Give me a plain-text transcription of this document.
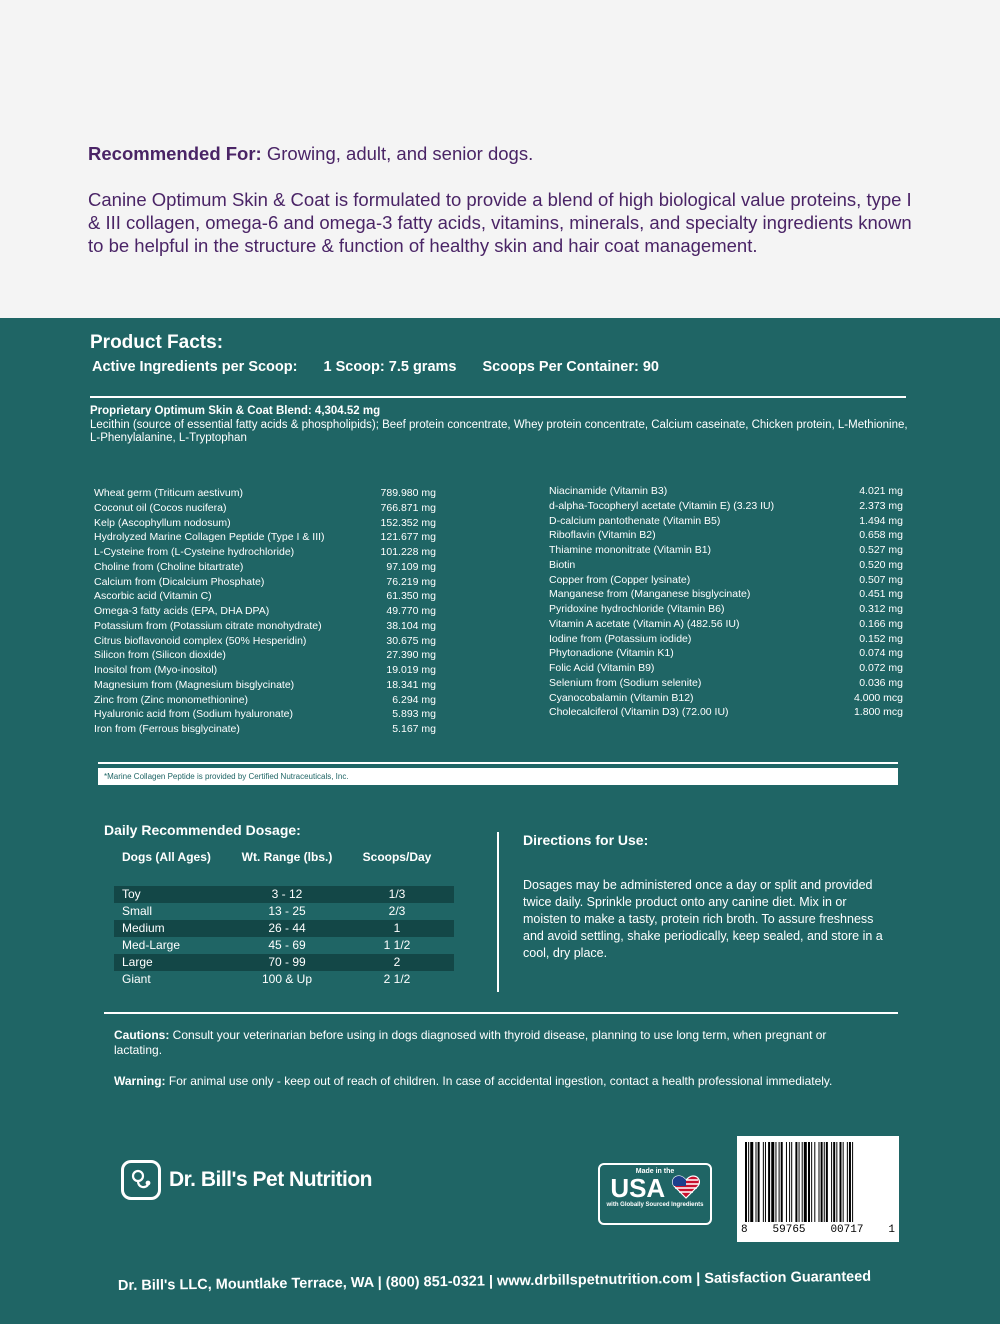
Recommended For: Growing, adult, and senior dogs.
Canine Optimum Skin & Coat is formulated to provide a blend of high biological value proteins, type I & III collagen, omega-6 and omega-3 fatty acids, vitamins, minerals, and specialty ingredients known to be helpful in the structure & function of healthy skin and hair coat management.
Product Facts:
Active Ingredients per Scoop: 1 Scoop: 7.5 grams Scoops Per Container: 90
Proprietary Optimum Skin & Coat Blend: 4,304.52 mg
Lecithin (source of essential fatty acids & phospholipids); Beef protein concentrate, Whey protein concentrate, Calcium caseinate, Chicken protein, L-Methionine, L-Phenylalanine, L-Tryptophan
Wheat germ (Triticum aestivum)	789.980 mg
Coconut oil (Cocos nucifera)	766.871 mg
Kelp (Ascophyllum nodosum)	152.352 mg
Hydrolyzed Marine Collagen Peptide (Type I & III)	121.677 mg
L-Cysteine from (L-Cysteine hydrochloride)	101.228 mg
Choline from (Choline bitartrate)	97.109 mg
Calcium from (Dicalcium Phosphate)	76.219 mg
Ascorbic acid (Vitamin C)	61.350 mg
Omega-3 fatty acids (EPA, DHA DPA)	49.770 mg
Potassium from (Potassium citrate monohydrate)	38.104 mg
Citrus bioflavonoid complex (50% Hesperidin)	30.675 mg
Silicon from (Silicon dioxide)	27.390 mg
Inositol from (Myo-inositol)	19.019 mg
Magnesium from (Magnesium bisglycinate)	18.341 mg
Zinc from (Zinc monomethionine)	6.294 mg
Hyaluronic acid from (Sodium hyaluronate)	5.893 mg
Iron from (Ferrous bisglycinate)	5.167 mg
Niacinamide (Vitamin B3)	4.021 mg
d-alpha-Tocopheryl acetate (Vitamin E) (3.23 IU)	2.373 mg
D-calcium pantothenate (Vitamin B5)	1.494 mg
Riboflavin (Vitamin B2)	0.658 mg
Thiamine mononitrate (Vitamin B1)	0.527 mg
Biotin	0.520 mg
Copper from (Copper lysinate)	0.507 mg
Manganese from (Manganese bisglycinate)	0.451 mg
Pyridoxine hydrochloride (Vitamin B6)	0.312 mg
Vitamin A acetate (Vitamin A) (482.56 IU)	0.166 mg
Iodine from (Potassium iodide)	0.152 mg
Phytonadione (Vitamin K1)	0.074 mg
Folic Acid (Vitamin B9)	0.072 mg
Selenium from (Sodium selenite)	0.036 mg
Cyanocobalamin (Vitamin B12)	4.000 mcg
Cholecalciferol (Vitamin D3) (72.00 IU)	1.800 mcg
*Marine Collagen Peptide is provided by Certified Nutraceuticals, Inc.
Daily Recommended Dosage:
Dogs (All Ages)	Wt. Range (lbs.)	Scoops/Day
Toy	3 - 12	1/3
Small	13 - 25	2/3
Medium	26 - 44	1
Med-Large	45 - 69	1 1/2
Large	70 - 99	2
Giant	100 & Up	2 1/2
Directions for Use:
Dosages may be administered once a day or split and provided twice daily. Sprinkle product onto any canine diet. Mix in or moisten to make a tasty, protein rich broth. To assure freshness and avoid settling, shake periodically, keep sealed, and store in a cool, dry place.
Cautions: Consult your veterinarian before using in dogs diagnosed with thyroid disease, planning to use long term, when pregnant or lactating.
Warning: For animal use only - keep out of reach of children. In case of accidental ingestion, contact a health professional immediately.
Dr. Bill's Pet Nutrition	Made in the
USA
with Globally Sourced Ingredients
8 59765 00717 1
Dr. Bill's LLC, Mountlake Terrace, WA | (800) 851-0321 | www.drbillspetnutrition.com | Satisfaction Guaranteed
